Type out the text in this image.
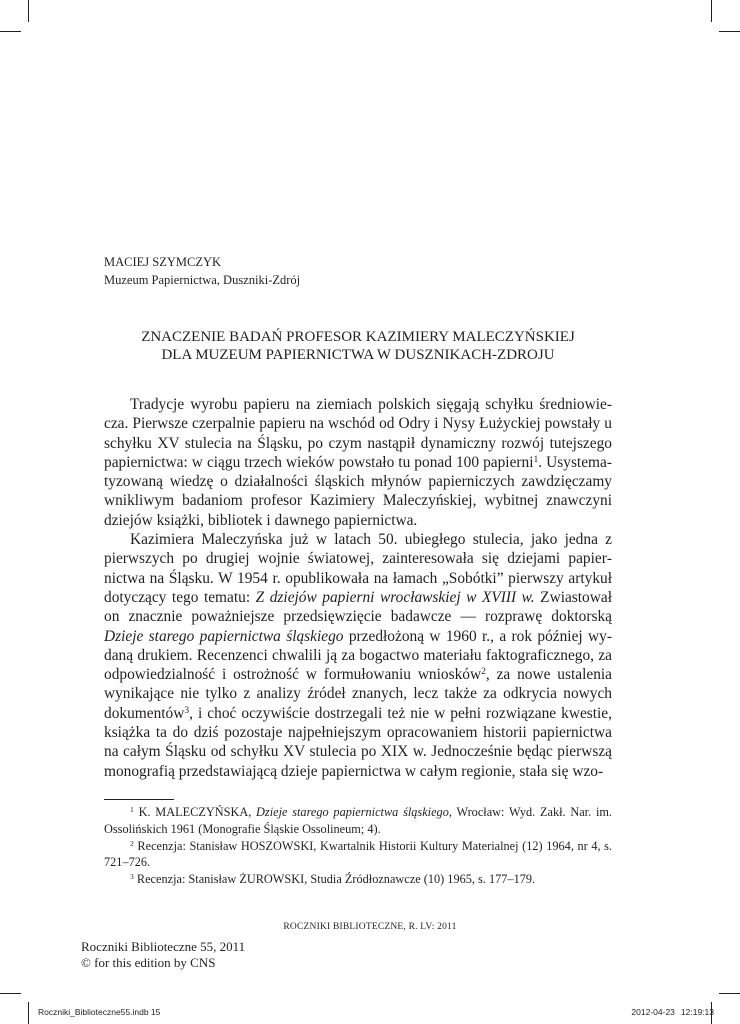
MACIEJ SZYMCZYK
Muzeum Papiernictwa, Duszniki-Zdrój
ZNACZENIE BADAŃ PROFESOR KAZIMIERY MALECZYŃSKIEJ
DLA MUZEUM PAPIERNICTWA W DUSZNIKACH-ZDROJU

Tradycje wyrobu papieru na ziemiach polskich sięgają schyłku średniowiecza. Pierwsze czerpalnie papieru na wschód od Odry i Nysy Łużyckiej powstały u schyłku XV stulecia na Śląsku, po czym nastąpił dynamiczny rozwój tutejszego papiernictwa: w ciągu trzech wieków powstało tu ponad 100 papierni$^1$. Usystematyzowaną wiedzę o działalności śląskich młynów papierniczych zawdzięczamy wnikliwym badaniom profesor Kazimiery Maleczyńskiej, wybitnej znawczyni dziejów książki, bibliotek i dawnego papiernictwa.

Kazimiera Maleczyńska już w latach 50. ubiegłego stulecia, jako jedna z pierwszych po drugiej wojnie światowej, zainteresowała się dziejami papiernictwa na Śląsku. W 1954 r. opublikowała na łamach „Sobótki” pierwszy artykuł dotyczący tego tematu: Z dziejów papierni wrocławskiej w XVIII w. Zwiastował on znacznie poważniejsze przedsięwzięcie badawcze — rozprawę doktorską Dzieje starego papiernictwa śląskiego przedłożoną w 1960 r., a rok później wydaną drukiem. Recenzenci chwalili ją za bogactwo materiału faktograficznego, za odpowiedzialność i ostrożność w formułowaniu wniosków$^2$, za nowe ustalenia wynikające nie tylko z analizy źródeł znanych, lecz także za odkrycia nowych dokumentów$^3$, i choć oczywiście dostrzegali też nie w pełni rozwiązane kwestie, książka ta do dziś pozostaje najpełniejszym opracowaniem historii papiernictwa na całym Śląsku od schyłku XV stulecia po XIX w. Jednocześnie będąc pierwszą monografią przedstawiającą dzieje papiernictwa w całym regionie, stała się wzo-

$^1$ K. MALECZYŃSKA, Dzieje starego papiernictwa śląskiego, Wrocław: Wyd. Zakł. Nar. im. Ossolińskich 1961 (Monografie Śląskie Ossolineum; 4).

$^2$ Recenzja: Stanisław HOSZOWSKI, Kwartalnik Historii Kultury Materialnej (12) 1964, nr 4, s. 721–726.

$^3$ Recenzja: Stanisław ŻUROWSKI, Studia Źródłoznawcze (10) 1965, s. 177–179.

ROCZNIKI BIBLIOTECZNE, R. LV: 2011
Roczniki Biblioteczne 55, 2011
© for this edition by CNS
Roczniki_Biblioteczne55.indb 15	2012-04-23 12:19:13
